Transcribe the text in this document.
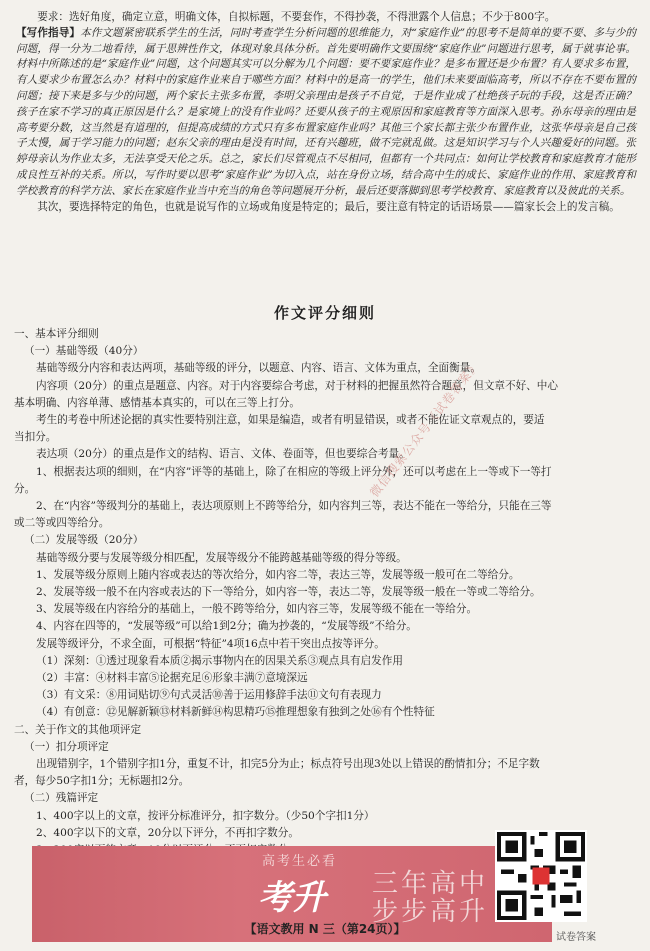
要求：选好角度，确定立意，明确文体，自拟标题，不要套作，不得抄袭，不得泄露个人信息；不少于800字。

【写作指导】本作文题紧密联系学生的生活，同时考查学生分析问题的思维能力，对“家庭作业”的思考不是简单的要不要、多与少的问题，得一分为二地看待，属于思辨性作文，体现对象具体分析。首先要明确作文要围绕“家庭作业”问题进行思考，属于就事论事。材料中所陈述的是“家庭作业”问题，这个问题其实可以分解为几个问题：要不要家庭作业？是多布置还是少布置？有人要求多布置，有人要求少布置怎么办？材料中的家庭作业来自于哪些方面？材料中的是高一的学生，他们未来要面临高考，所以不存在不要布置的问题；接下来是多与少的问题，两个家长主张多布置，李明父亲理由是孩子不自觉，于是作业成了杜绝孩子玩的手段，这是否正确？孩子在家不学习的真正原因是什么？是家境上的没有作业吗？还要从孩子的主观原因和家庭教育等方面深入思考。孙东母亲的理由是高考要分数，这当然是有道理的，但提高成绩的方式只有多布置家庭作业吗？其他三个家长都主张少布置作业，这张华母亲是自己孩子太慢，属于学习能力的问题；赵东父亲的理由是没有时间，还有兴趣班，做不完就乱做。这是知识学习与个人兴趣爱好的问题。张婷母亲认为作业太多，无法享受天伦之乐。总之，家长们尽管观点不尽相同，但都有一个共同点：如何让学校教育和家庭教育才能形成良性互补的关系。所以，写作时要以思考“家庭作业”为切入点，站在身份立场，结合高中生的成长、家庭作业的作用、家庭教育和学校教育的科学方法、家长在家庭作业当中充当的角色等问题展开分析，最后还要落脚到思考学校教育、家庭教育以及彼此的关系。

其次，要选择特定的角色，也就是说写作的立场或角度是特定的；最后，要注意有特定的话语场景——篇家长会上的发言稿。

作文评分细则

一、基本评分细则

（一）基础等级（40分）

基础等级分内容和表达两项，基础等级的评分，以题意、内容、语言、文体为重点，全面衡量。

内容项（20分）的重点是题意、内容。对于内容要综合考虑，对于材料的把握虽然符合题意，但文章不好、中心

基本明确、内容单薄、感情基本真实的，可以在三等上打分。

考生的考卷中所述论据的真实性要特别注意，如果是编造，或者有明显错误，或者不能佐证文章观点的，要适

当扣分。

表达项（20分）的重点是作文的结构、语言、文体、卷面等，但也要综合考量。

1、根据表达项的细则，在“内容”评等的基础上，除了在相应的等级上评分外，还可以考虑在上一等或下一等打

分。

2、在“内容”等级判分的基础上，表达项原则上不跨等给分，如内容判三等，表达不能在一等给分，只能在三等

或二等或四等给分。

（二）发展等级（20分）

基础等级分要与发展等级分相匹配，发展等级分不能跨越基础等级的得分等级。

1、发展等级分原则上随内容或表达的等次给分，如内容二等，表达三等，发展等级一般可在二等给分。

2、发展等级一般不在内容或表达的下一等给分，如内容一等，表达二等，发展等级一般在一等或二等给分。

3、发展等级在内容给分的基础上，一般不跨等给分，如内容三等，发展等级不能在一等给分。

4、内容在四等的，“发展等级”可以给1到2分；确为抄袭的，“发展等级”不给分。

发展等级评分，不求全面，可根据“特征”4项16点中若干突出点按等评分。

（1）深刻：①透过现象看本质②揭示事物内在的因果关系③观点具有启发作用

（2）丰富：④材料丰富⑤论据充足⑥形象丰满⑦意境深远

（3）有文采：⑧用词贴切⑨句式灵活⑩善于运用修辞手法⑪文句有表现力

（4）有创意：⑫见解新颖⑬材料新鲜⑭构思精巧⑮推理想象有独到之处⑯有个性特征

二、关于作文的其他项评定

（一）扣分项评定

出现错别字，1个错别字扣1分，重复不计，扣完5分为止；标点符号出现3处以上错误的酌情扣分；不足字数

者，每少50字扣1分；无标题扣2分。

（二）残篇评定

1、400字以上的文章，按评分标准评分，扣字数分。（少50个字扣1分）

2、400字以下的文章，20分以下评分，不再扣字数分。

微信搜索公众号《试卷答案》
高考生必看
考升 三年高中
步步高升
【语文教用 N 三（第24页）】
试卷答案
